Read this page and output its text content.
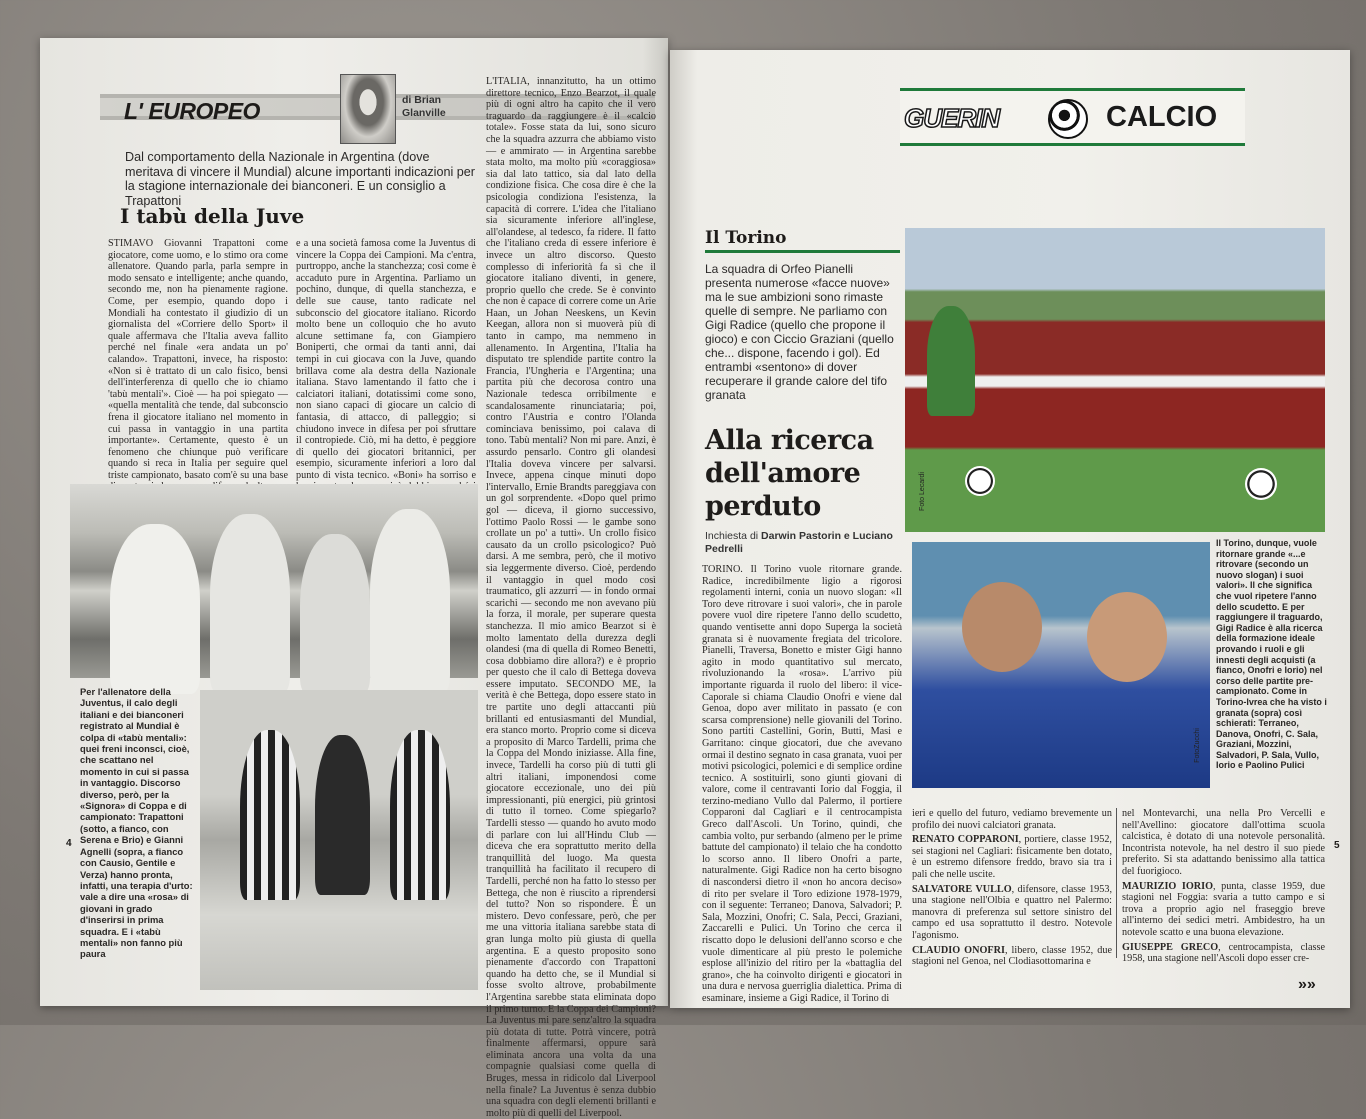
L' EUROPEO	di Brian Glanville
Dal comportamento della Nazionale in Argentina (dove meritava di vincere il Mundial) alcune importanti indicazioni per la stagione internazionale dei bianconeri. E un consiglio a Trapattoni
I tabù della Juve
STIMAVO Giovanni Trapattoni come giocatore, come uomo, e lo stimo ora come allenatore. Quando parla, parla sempre in modo sensato e intelligente; anche quando, secondo me, non ha pienamente ragione. Come, per esempio, quando dopo i Mondiali ha contestato il giudizio di un giornalista del «Corriere dello Sport» il quale affermava che l'Italia aveva fallito perché nel finale «era andata un po' calando». Trapattoni, invece, ha risposto: «Non si è trattato di un calo fisico, bensì dell'interferenza di quello che io chiamo 'tabù mentali'». Cioè — ha poi spiegato — «quella mentalità che tende, dal subconscio frena il giocatore italiano nel momento in cui passa in vantaggio in una partita importante». Certamente, questo è un fenomeno che chiunque può verificare quando si reca in Italia per seguire quel triste campionato, basato com'è su una base
e a una società famosa come la Juventus di vincere la Coppa dei Campioni. Ma c'entra, purtroppo, anche la stanchezza; così come è accaduto pure in Argentina. Parliamo un pochino, dunque, di quella stanchezza, e delle sue cause, tanto radicate nel subconscio del giocatore italiano. Ricordo molto bene un colloquio che ho avuto alcune settimane fa, con Giampiero Boniperti, che ormai da tanti anni, dai tempi in cui giocava con la Juve, quando brillava come ala destra della Nazionale italiana. Stavo lamentando il fatto che i calciatori italiani, dotatissimi come sono, non siano capaci di giocare un calcio di fantasia, di attacco, di palleggio; si chiudono invece in difesa per poi sfruttare il contropiede. Ciò, mi ha detto, è peggiore di quello dei giocatori britannici, per esempio, sicuramente inferiori a loro dal punto di vista tecnico. «Boni» ha sorriso e
L'ITALIA, innanzitutto, ha un ottimo direttore tecnico, Enzo Bearzot, il quale più di ogni altro ha capito che il vero traguardo da raggiungere è il «calcio totale». Fosse stata da lui, sono sicuro che la squadra azzurra che abbiamo visto — e ammirato — in Argentina sarebbe stata molto, ma molto più «coraggiosa» sia dal lato tattico, sia dal lato della condizione fisica. Che cosa dire è che la psicologia condiziona l'esistenza, la capacità di correre. L'idea che l'italiano sia sicuramente inferiore all'inglese, all'olandese, al tedesco, fa ridere. Il fatto che l'italiano creda di essere inferiore è invece un altro discorso. Questo complesso di inferiorità fa sì che il giocatore italiano diventi, in genere, proprio quello che crede. Se è convinto che non è capace di correre come un Arie Haan, un Johan Neeskens, un Kevin Keegan, allora non si muoverà più di tanto in campo, ma nemmeno in allenamento. In Argentina, l'Italia ha disputato tre splendide partite contro la Francia, l'Ungheria e l'Argentina; una partita più che decorosa contro una Nazionale tedesca orribilmente e scandalosamente rinunciataria; poi, contro l'Austria e contro l'Olanda cominciava benissimo, poi calava di tono. Tabù mentali? Non mi pare. Anzi, è assurdo pensarlo. Contro gli olandesi l'Italia doveva vincere per salvarsi. Invece, appena cinque minuti dopo l'intervallo, Ernie Brandts pareggiava con un gol sorprendente. «Dopo quel primo gol — diceva, il giorno successivo, l'ottimo Paolo Rossi — le gambe sono crollate un po' a tutti». Un crollo fisico causato da un crollo psicologico? Può darsi. A me sembra, però, che il motivo sia leggermente diverso. Cioè, perdendo il vantaggio in quel modo così traumatico, gli azzurri — in fondo ormai scarichi — secondo me non avevano più la forza, il morale, per superare questa stanchezza. Il mio amico Bearzot si è molto lamentato della durezza degli olandesi (ma di quella di Romeo Benetti, cosa dobbiamo dire allora?) e è proprio per questo che il calo di Bettega doveva essere imputato. SECONDO ME, la verità è che Bettega, dopo essere stato in tre partite uno degli attaccanti più brillanti ed entusiasmanti del Mundial, era stanco morto. Proprio come si diceva a proposito di Marco Tardelli, prima che la Coppa del Mondo iniziasse. Alla fine, invece, Tardelli ha corso più di tutti gli altri italiani, imponendosi come giocatore eccezionale, uno dei più impressionanti, più energici, più grintosi di tutto il torneo. Come spiegarlo? Tardelli stesso — quando ho avuto modo di parlare con lui all'Hindu Club — diceva che era soprattutto merito della tranquillità del luogo. Ma questa tranquillità ha facilitato il recupero di Tardelli, perché non ha fatto lo stesso per Bettega, che non è riuscito a riprendersi del tutto? Non so rispondere. È un mistero. Devo confessare, però, che per me una vittoria italiana sarebbe stata di gran lunga molto più giusta di quella argentina. E a questo proposito sono pienamente d'accordo con Trapattoni quando ha detto che, se il Mundial si fosse svolto altrove, probabilmente l'Argentina sarebbe stata eliminata dopo il primo turno. E la Coppa dei Campioni? La Juventus mi pare senz'altro la squadra più dotata di tutte. Potrà vincere, potrà finalmente affermarsi, oppure sarà eliminata ancora una volta da una compagnie qualsiasi come quella di Bruges, messa in ridicolo dal Liverpool nella finale? La Juventus è senza dubbio una squadra con degli elementi brillanti e molto più di quelli del Liverpool.
Per l'allenatore della Juventus, il calo degli italiani e dei bianconeri registrato al Mundial è colpa di «tabù mentali»: quei freni inconsci, cioè, che scattano nel momento in cui si passa in vantaggio. Discorso diverso, però, per la «Signora» di Coppa e di campionato: Trapattoni (sotto, a fianco, con Serena e Brio) e Gianni Agnelli (sopra, a fianco con Causio, Gentile e Verza) hanno pronta, infatti, una terapia d'urto: vale a dire una «rosa» di giovani in grado d'inserirsi in prima squadra. E i «tabù mentali» non fanno più paura
4
GUERIN	CALCIO
Il Torino
La squadra di Orfeo Pianelli presenta numerose «facce nuove» ma le sue ambizioni sono rimaste quelle di sempre. Ne parliamo con Gigi Radice (quello che propone il gioco) e con Ciccio Graziani (quello che... dispone, facendo i gol). Ed entrambi «sentono» di dover recuperare il grande calore del tifo granata
Alla ricerca dell'amore perduto
Inchiesta di Darwin Pastorin e Luciano Pedrelli
TORINO. Il Torino vuole ritornare grande. Radice, incredibilmente ligio a rigorosi regolamenti interni, conia un nuovo slogan: «Il Toro deve ritrovare i suoi valori», che in parole povere vuol dire ripetere l'anno dello scudetto, quando ventisette anni dopo Superga la società granata si è nuovamente fregiata del tricolore. Pianelli, Traversa, Bonetto e mister Gigi hanno agito in modo quantitativo sul mercato, rivoluzionando la «rosa». L'arrivo più importante riguarda il ruolo del libero: il vice-Caporale si chiama Claudio Onofri e viene dal Genoa, dopo aver militato in passato (e con scarsa comprensione) nelle giovanili del Torino. Sono partiti Castellini, Gorin, Butti, Masi e Garritano: cinque giocatori, due che avevano ormai il destino segnato in casa granata, vuoi per motivi psicologici, polemici e di semplice ordine tecnico. A sostituirli, sono giunti giovani di valore, come il centravanti Iorio dal Foggia, il terzino-mediano Vullo dal Palermo, il portiere Copparoni dal Cagliari e il centrocampista Greco dall'Ascoli. Un Torino, quindi, che cambia volto, pur serbando (almeno per le prime battute del campionato) il telaio che ha condotto lo scorso anno. Il libero Onofri a parte, naturalmente. Gigi Radice non ha certo bisogno di nascondersi dietro il «non ho ancora deciso» di rito per svelare il Toro edizione 1978-1979, con il seguente: Terraneo; Danova, Salvadori; P. Sala, Mozzini, Onofri; C. Sala, Pecci, Graziani, Zaccarelli e Pulici. Un Torino che cerca il riscatto dopo le delusioni dell'anno scorso e che vuole dimenticare al più presto le polemiche esplose all'inizio del ritiro per la «battaglia del grano», che ha coinvolto dirigenti e giocatori in una dura e nervosa guerriglia dialettica. Prima di esaminare, insieme a Gigi Radice, il Torino di
Foto Lecardi
FotoZucchi
Il Torino, dunque, vuole ritornare grande «...e ritrovare (secondo un nuovo slogan) i suoi valori». Il che significa che vuol ripetere l'anno dello scudetto. E per raggiungere il traguardo, Gigi Radice è alla ricerca della formazione ideale provando i ruoli e gli innesti degli acquisti (a fianco, Onofri e Iorio) nel corso delle partite pre-campionato. Come in Torino-Ivrea che ha visto i granata (sopra) così schierati: Terraneo, Danova, Onofri, C. Sala, Graziani, Mozzini, Salvadori, P. Sala, Vullo, Iorio e Paolino Pulici

ieri e quello del futuro, vediamo brevemente un profilo dei nuovi calciatori granata.

RENATO COPPARONI, portiere, classe 1952, sei stagioni nel Cagliari: fisicamente ben dotato, è un estremo difensore freddo, bravo sia tra i pali che nelle uscite.

SALVATORE VULLO, difensore, classe 1953, una stagione nell'Olbia e quattro nel Palermo: manovra di preferenza sul settore sinistro del campo ed usa soprattutto il destro. Notevole l'agonismo.

CLAUDIO ONOFRI, libero, classe 1952, due stagioni nel Genoa, nel Clodiasottomarina e

nel Montevarchi, una nella Pro Vercelli e nell'Avellino: giocatore dall'ottima scuola calcistica, è dotato di una notevole personalità. Incontrista notevole, ha nel destro il suo piede preferito. Si sta adattando benissimo alla tattica del fuorigioco.

MAURIZIO IORIO, punta, classe 1959, due stagioni nel Foggia: svaria a tutto campo e si trova a proprio agio nel fraseggio breve all'interno dei sedici metri. Ambidestro, ha un notevole scatto e una buona elevazione.

GIUSEPPE GRECO, centrocampista, classe 1958, una stagione nell'Ascoli dopo esser cre-

5
»»
